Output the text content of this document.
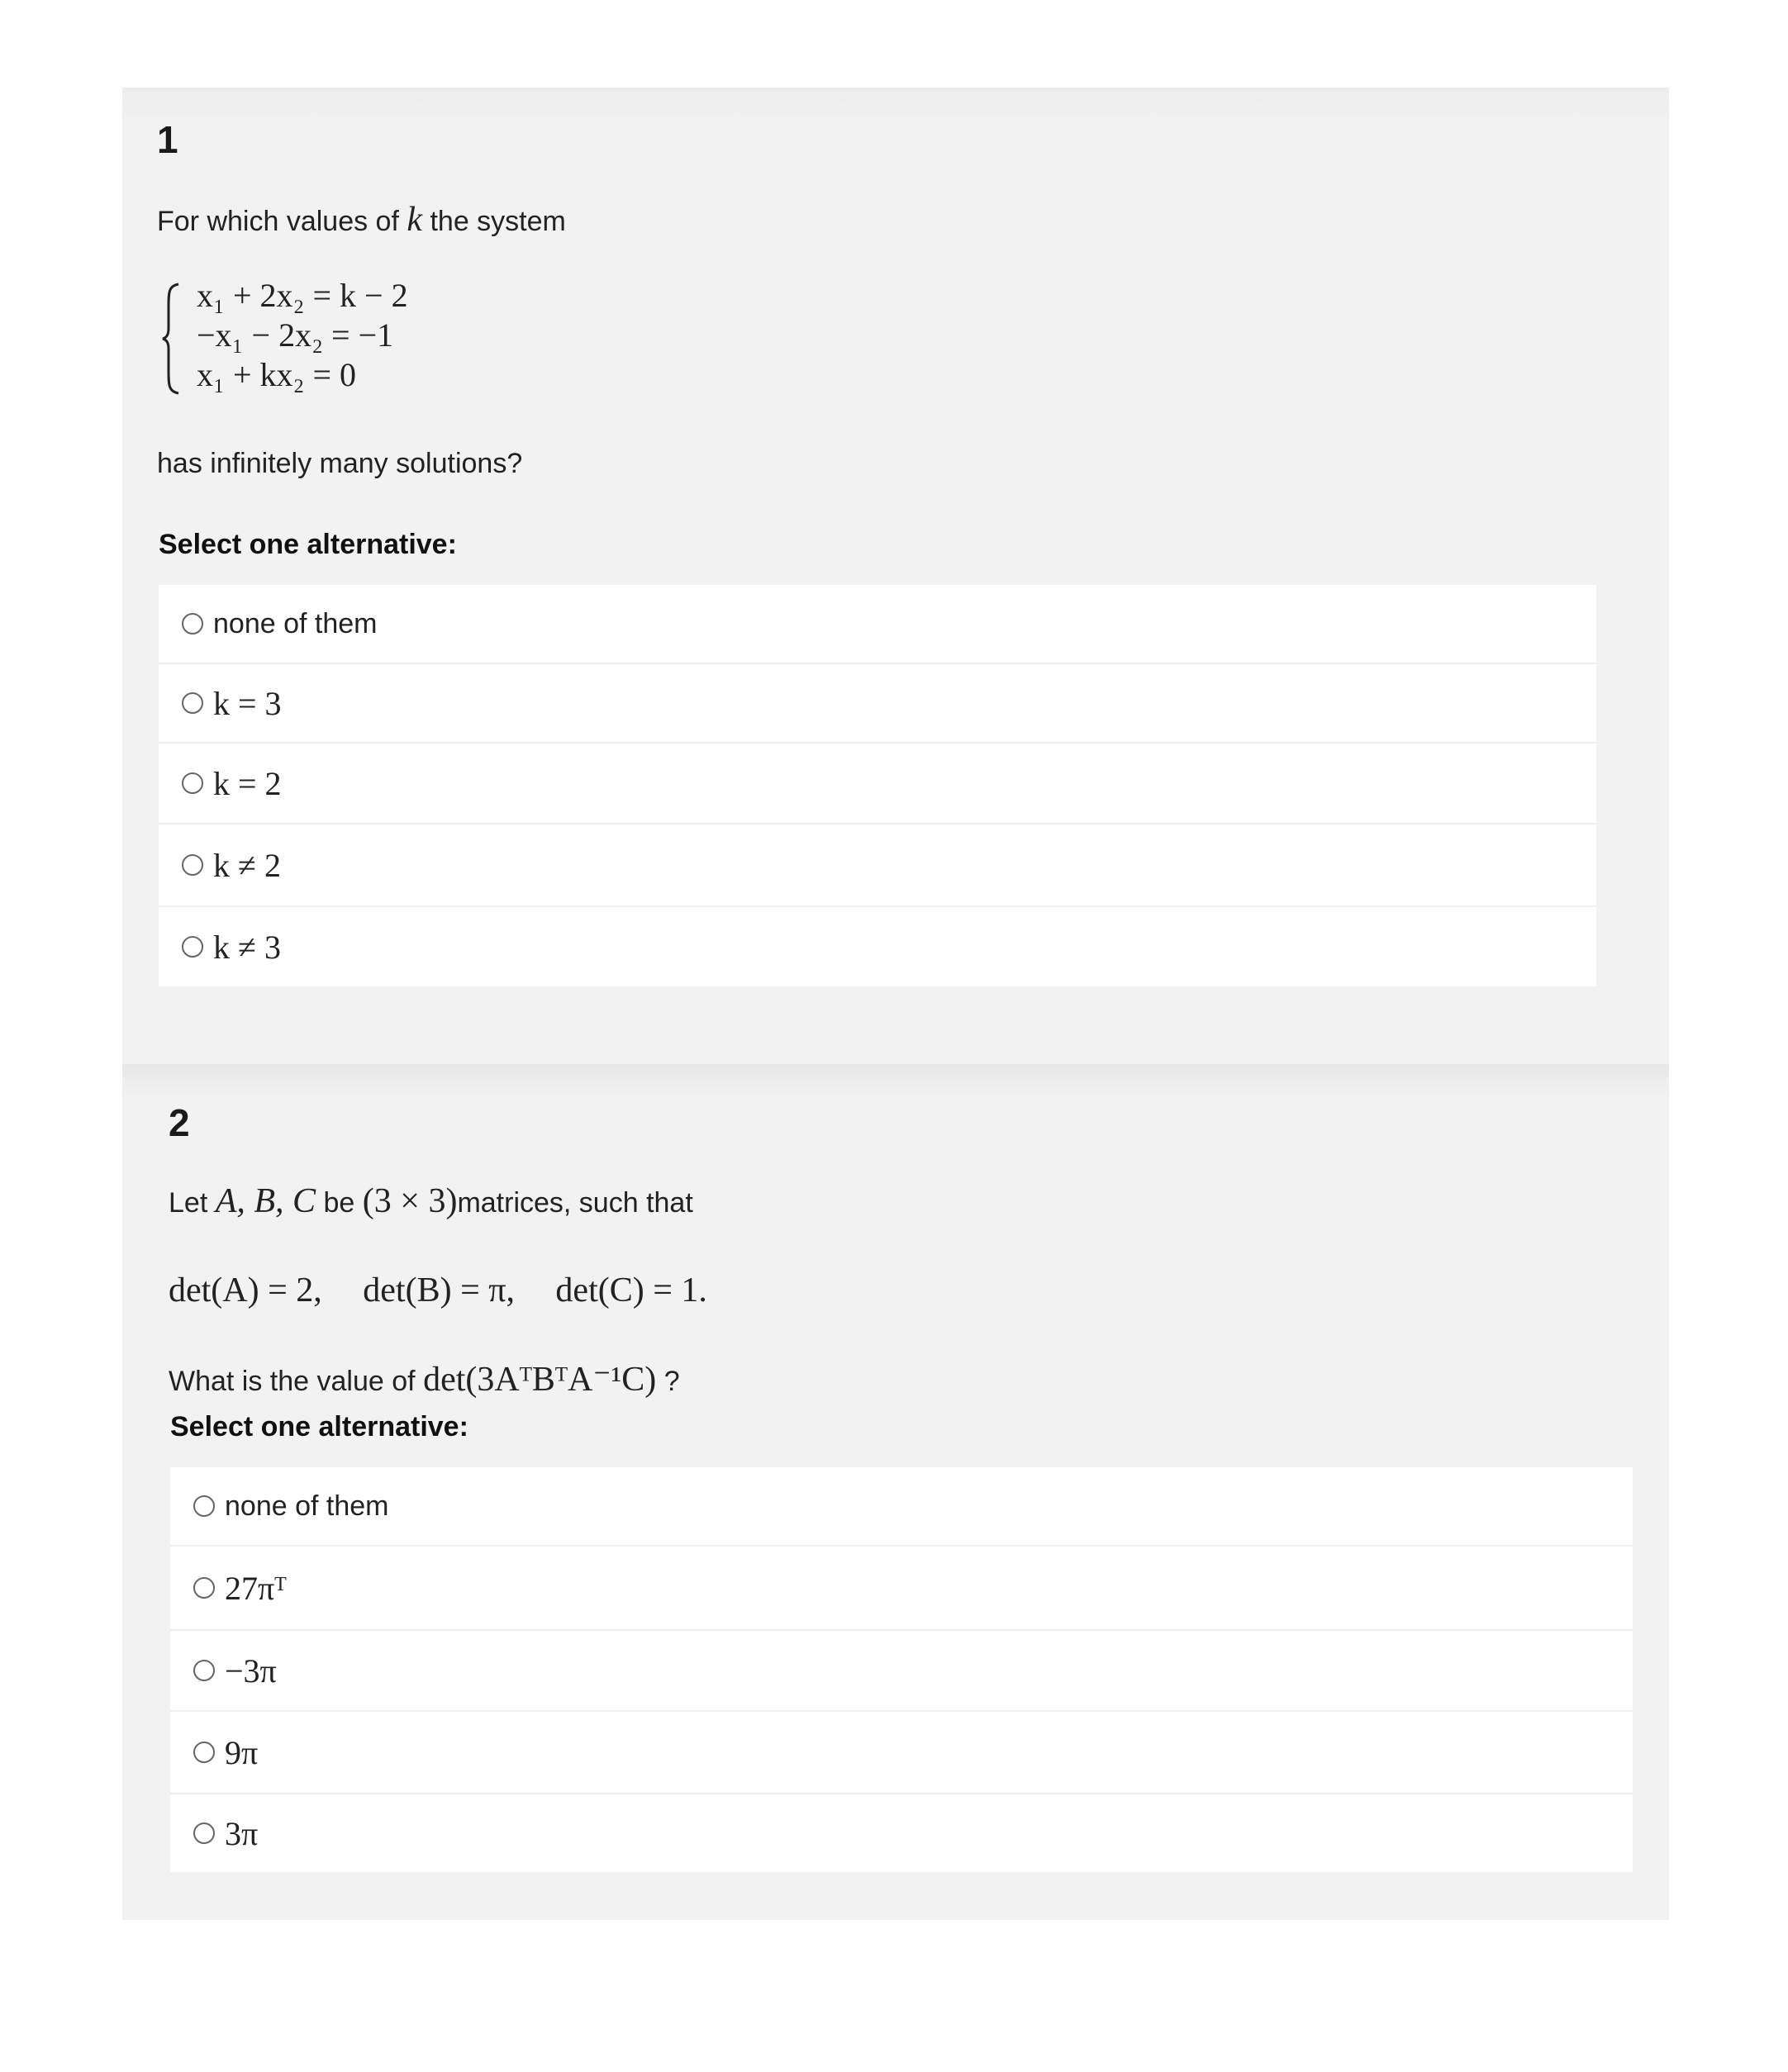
1
For which values of k the system
x₁ + 2x₂ = k − 2
−x₁ − 2x₂ = −1
x₁ + kx₂ = 0
has infinitely many solutions?
Select one alternative:
none of them
k = 3
k = 2
k ≠ 2
k ≠ 3
2
Let A, B, C be (3 × 3)matrices, such that
det(A) = 2, det(B) = π, det(C) = 1.
What is the value of det(3AᵀBᵀA⁻¹C) ?
Select one alternative:
none of them
27πᵀ
−3π
9π
3π
